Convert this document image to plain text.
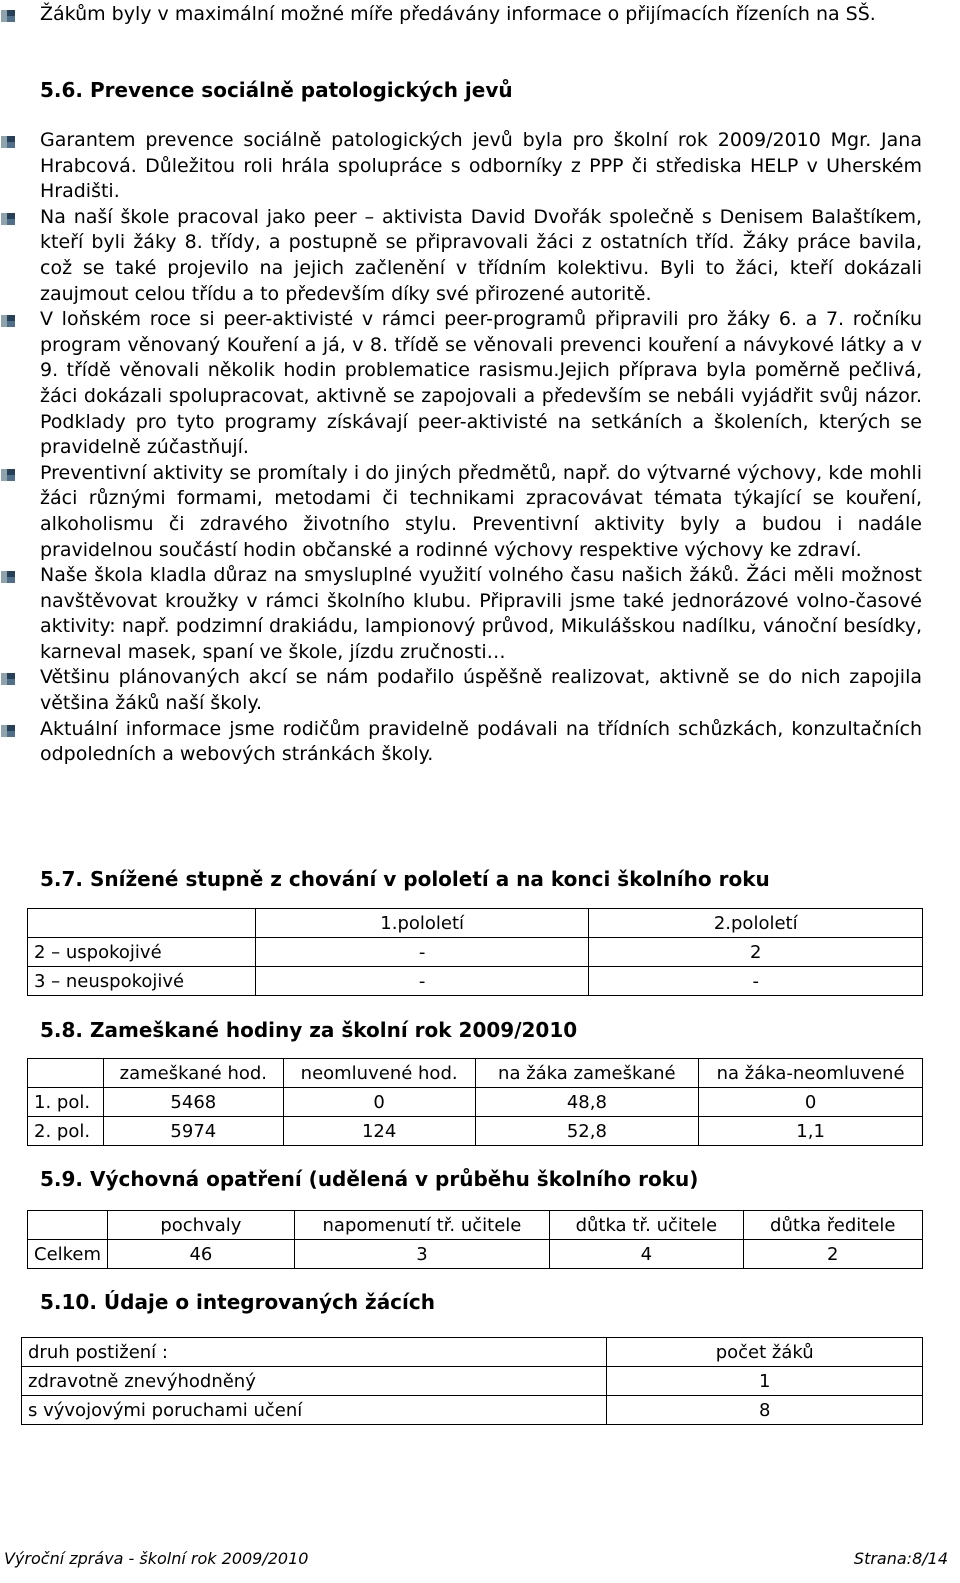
Žákům byly v maximální možné míře předávány informace o přijímacích řízeních na SŠ.
5.6. Prevence sociálně patologických jevů
Garantem prevence sociálně patologických jevů byla pro školní rok 2009/2010 Mgr. Jana Hrabcová. Důležitou roli hrála spolupráce s odborníky z PPP či střediska HELP v Uherském Hradišti.
Na naší škole pracoval jako peer – aktivista David Dvořák společně s Denisem Balaštíkem, kteří byli žáky 8. třídy, a postupně se připravovali žáci z ostatních tříd. Žáky práce bavila, což se také projevilo na jejich začlenění v třídním kolektivu. Byli to žáci, kteří dokázali zaujmout celou třídu a to především díky své přirozené autoritě.
V loňském roce si peer-aktivisté v rámci peer-programů připravili pro žáky 6. a 7. ročníku program věnovaný Kouření a já, v 8. třídě se věnovali prevenci kouření a návykové látky a v 9. třídě věnovali několik hodin problematice rasismu.Jejich příprava byla poměrně pečlivá, žáci dokázali spolupracovat, aktivně se zapojovali a především se nebáli vyjádřit svůj názor. Podklady pro tyto programy získávají peer-aktivisté na setkáních a školeních, kterých se pravidelně zúčastňují.
Preventivní aktivity se promítaly i do jiných předmětů, např. do výtvarné výchovy, kde mohli žáci různými formami, metodami či technikami zpracovávat témata týkající se kouření, alkoholismu či zdravého životního stylu. Preventivní aktivity byly a budou i nadále pravidelnou součástí hodin občanské a rodinné výchovy respektive výchovy ke zdraví.
Naše škola kladla důraz na smysluplné využití volného času našich žáků. Žáci měli možnost navštěvovat kroužky v rámci školního klubu. Připravili jsme také jednorázové volno-časové aktivity: např. podzimní drakiádu, lampionový průvod, Mikulášskou nadílku, vánoční besídky, karneval masek, spaní ve škole, jízdu zručnosti…
Většinu plánovaných akcí se nám podařilo úspěšně realizovat, aktivně se do nich zapojila většina žáků naší školy.
Aktuální informace jsme rodičům pravidelně podávali na třídních schůzkách, konzultačních odpoledních a webových stránkách školy.
5.7. Snížené stupně z chování v pololetí a na konci školního roku
	1.pololetí	2.pololetí
2 – uspokojivé	-	2
3 – neuspokojivé	-	-
5.8. Zameškané hodiny za školní rok 2009/2010
	zameškané hod.	neomluvené hod.	na žáka zameškané	na žáka-neomluvené
1. pol.	5468	0	48,8	0
2. pol.	5974	124	52,8	1,1
5.9. Výchovná opatření (udělená v průběhu školního roku)
	pochvaly	napomenutí tř. učitele	důtka tř. učitele	důtka ředitele
Celkem	46	3	4	2
5.10. Údaje o integrovaných žácích
druh postižení :	počet žáků
zdravotně znevýhodněný	1
s vývojovými poruchami učení	8
Výroční zpráva - školní rok 2009/2010	Strana:8/14
